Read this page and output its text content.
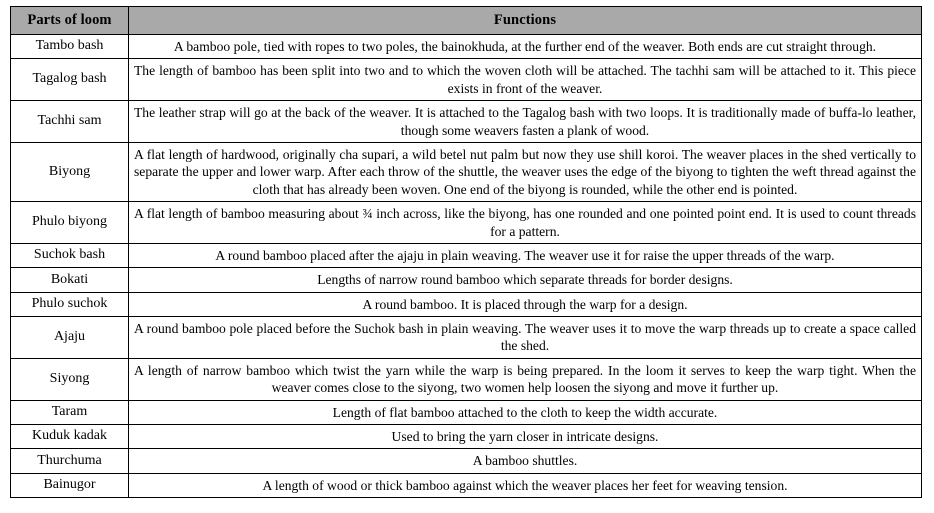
Parts of loom	Functions
Tambo bash	A bamboo pole, tied with ropes to two poles, the bainokhuda, at the further end of the weaver. Both ends are cut straight through.
Tagalog bash	The length of bamboo has been split into two and to which the woven cloth will be attached. The tachhi sam will be attached to it. This piece exists in front of the weaver.
Tachhi sam	The leather strap will go at the back of the weaver. It is attached to the Tagalog bash with two loops. It is traditionally made of buffa-lo leather, though some weavers fasten a plank of wood.
Biyong	A flat length of hardwood, originally cha supari, a wild betel nut palm but now they use shill koroi. The weaver places in the shed vertically to separate the upper and lower warp. After each throw of the shuttle, the weaver uses the edge of the biyong to tighten the weft thread against the cloth that has already been woven. One end of the biyong is rounded, while the other end is pointed.
Phulo biyong	A flat length of bamboo measuring about ¾ inch across, like the biyong, has one rounded and one pointed point end. It is used to count threads for a pattern.
Suchok bash	A round bamboo placed after the ajaju in plain weaving. The weaver use it for raise the upper threads of the warp.
Bokati	Lengths of narrow round bamboo which separate threads for border designs.
Phulo suchok	A round bamboo. It is placed through the warp for a design.
Ajaju	A round bamboo pole placed before the Suchok bash in plain weaving. The weaver uses it to move the warp threads up to create a space called the shed.
Siyong	A length of narrow bamboo which twist the yarn while the warp is being prepared. In the loom it serves to keep the warp tight. When the weaver comes close to the siyong, two women help loosen the siyong and move it further up.
Taram	Length of flat bamboo attached to the cloth to keep the width accurate.
Kuduk kadak	Used to bring the yarn closer in intricate designs.
Thurchuma	A bamboo shuttles.
Bainugor	A length of wood or thick bamboo against which the weaver places her feet for weaving tension.
